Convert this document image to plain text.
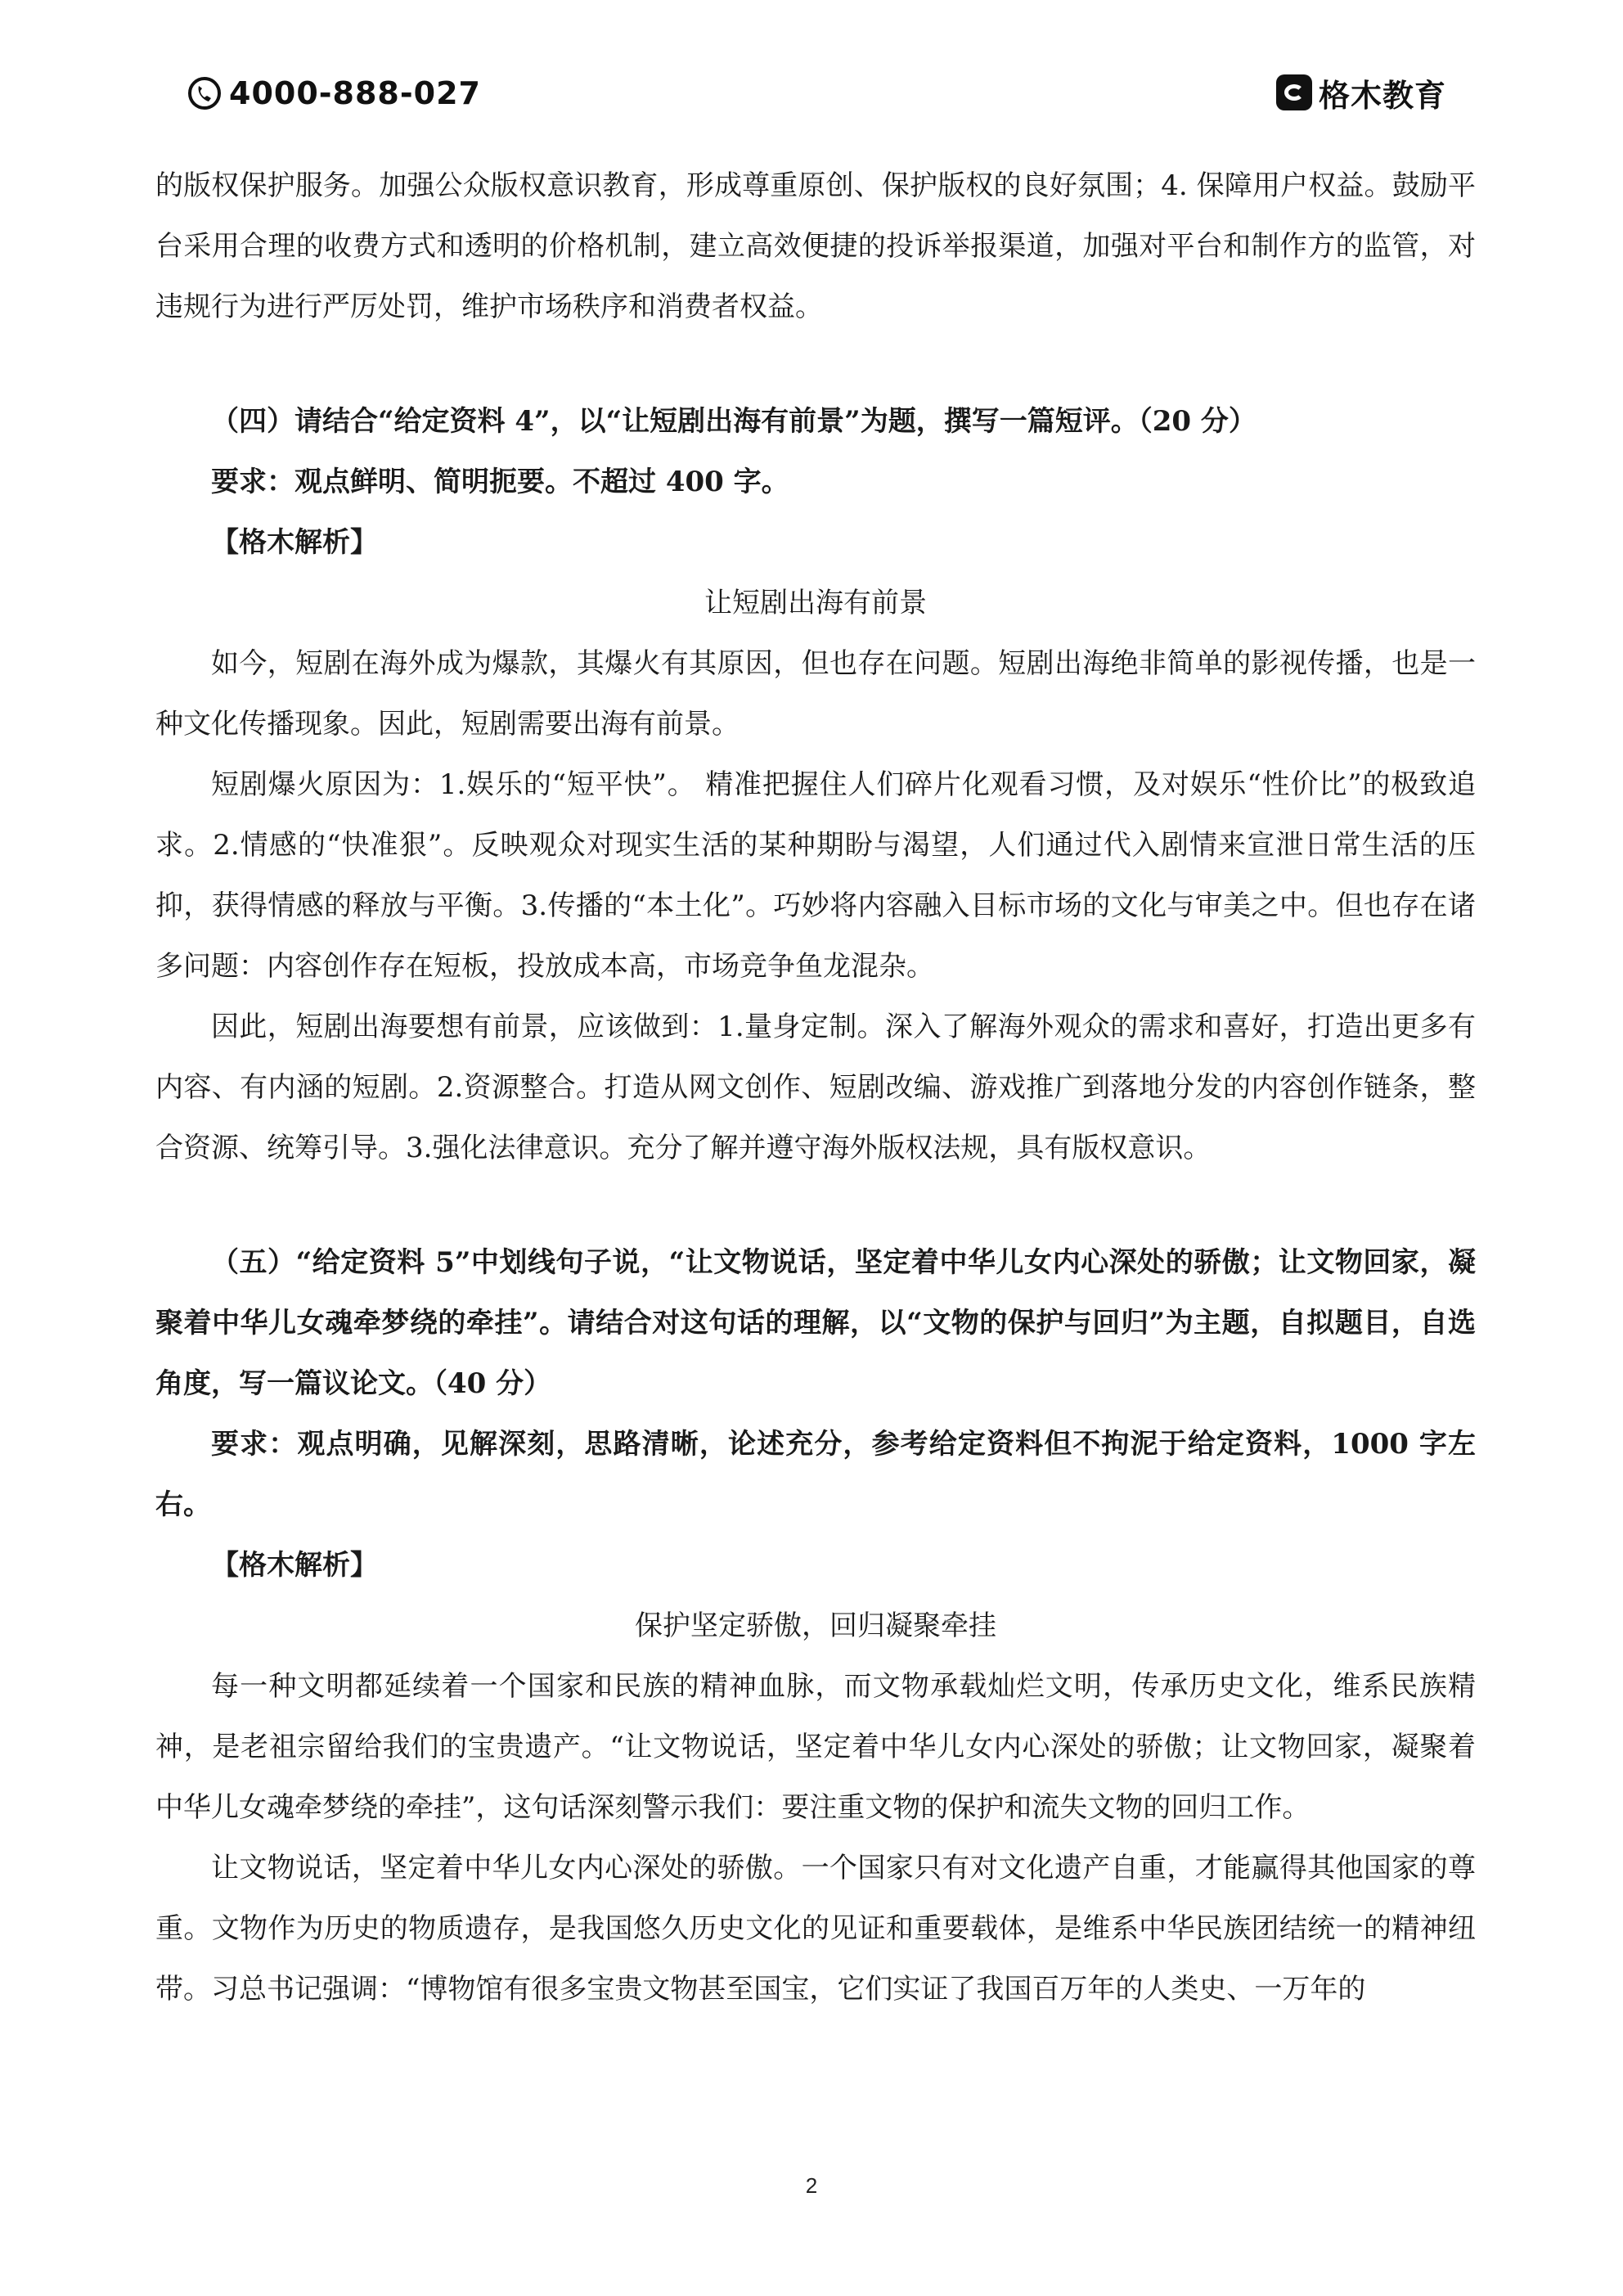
4000-888-027	格木教育

的版权保护服务。加强公众版权意识教育，形成尊重原创、保护版权的良好氛围；4. 保障用户权益。鼓励平台采用合理的收费方式和透明的价格机制，建立高效便捷的投诉举报渠道，加强对平台和制作方的监管，对违规行为进行严厉处罚，维护市场秩序和消费者权益。

（四）请结合“给定资料 4”，以“让短剧出海有前景”为题，撰写一篇短评。（20 分）

要求：观点鲜明、简明扼要。不超过 400 字。

【格木解析】

让短剧出海有前景

如今，短剧在海外成为爆款，其爆火有其原因，但也存在问题。短剧出海绝非简单的影视传播，也是一种文化传播现象。因此，短剧需要出海有前景。

短剧爆火原因为：1.娱乐的“短平快”。 精准把握住人们碎片化观看习惯，及对娱乐“性价比”的极致追求。2.情感的“快准狠”。反映观众对现实生活的某种期盼与渴望，人们通过代入剧情来宣泄日常生活的压抑，获得情感的释放与平衡。3.传播的“本土化”。巧妙将内容融入目标市场的文化与审美之中。但也存在诸多问题：内容创作存在短板，投放成本高，市场竞争鱼龙混杂。

因此，短剧出海要想有前景，应该做到：1.量身定制。深入了解海外观众的需求和喜好，打造出更多有内容、有内涵的短剧。2.资源整合。打造从网文创作、短剧改编、游戏推广到落地分发的内容创作链条，整合资源、统筹引导。3.强化法律意识。充分了解并遵守海外版权法规，具有版权意识。

（五）“给定资料 5”中划线句子说，“让文物说话，坚定着中华儿女内心深处的骄傲；让文物回家，凝聚着中华儿女魂牵梦绕的牵挂”。请结合对这句话的理解，以“文物的保护与回归”为主题，自拟题目，自选角度，写一篇议论文。（40 分）

要求：观点明确，见解深刻，思路清晰，论述充分，参考给定资料但不拘泥于给定资料，1000 字左右。

【格木解析】

保护坚定骄傲，回归凝聚牵挂

每一种文明都延续着一个国家和民族的精神血脉，而文物承载灿烂文明，传承历史文化，维系民族精神，是老祖宗留给我们的宝贵遗产。“让文物说话，坚定着中华儿女内心深处的骄傲；让文物回家，凝聚着中华儿女魂牵梦绕的牵挂”，这句话深刻警示我们：要注重文物的保护和流失文物的回归工作。

让文物说话，坚定着中华儿女内心深处的骄傲。一个国家只有对文化遗产自重，才能赢得其他国家的尊重。文物作为历史的物质遗存，是我国悠久历史文化的见证和重要载体，是维系中华民族团结统一的精神纽带。习总书记强调：“博物馆有很多宝贵文物甚至国宝，它们实证了我国百万年的人类史、一万年的

2
